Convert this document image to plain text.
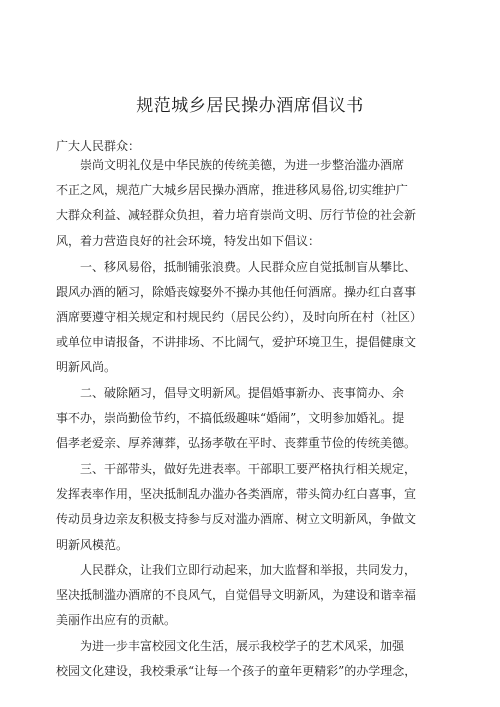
规范城乡居民操办酒席倡议书
广大人民群众：
崇尚文明礼仪是中华民族的传统美德，为进一步整治滥办酒席
不正之风，规范广大城乡居民操办酒席，推进移风易俗,切实维护广
大群众利益、减轻群众负担，着力培育崇尚文明、厉行节俭的社会新
风，着力营造良好的社会环境，特发出如下倡议：
一、移风易俗，抵制铺张浪费。人民群众应自觉抵制盲从攀比、
跟风办酒的陋习，除婚丧嫁娶外不操办其他任何酒席。操办红白喜事
酒席要遵守相关规定和村规民约（居民公约），及时向所在村（社区）
或单位申请报备，不讲排场、不比阔气，爱护环境卫生，提倡健康文
明新风尚。
二、破除陋习，倡导文明新风。提倡婚事新办、丧事简办、余
事不办，崇尚勤俭节约，不搞低级趣味“婚闹”，文明参加婚礼。提
倡孝老爱亲、厚养薄葬，弘扬孝敬在平时、丧葬重节俭的传统美德。
三、干部带头，做好先进表率。干部职工要严格执行相关规定，
发挥表率作用，坚决抵制乱办滥办各类酒席，带头简办红白喜事，宣
传动员身边亲友积极支持参与反对滥办酒席、树立文明新风，争做文
明新风模范。
人民群众，让我们立即行动起来，加大监督和举报，共同发力，
坚决抵制滥办酒席的不良风气，自觉倡导文明新风，为建设和谐幸福
美丽作出应有的贡献。
为进一步丰富校园文化生活，展示我校学子的艺术风采，加强
校园文化建设，我校秉承“让每一个孩子的童年更精彩”的办学理念，
